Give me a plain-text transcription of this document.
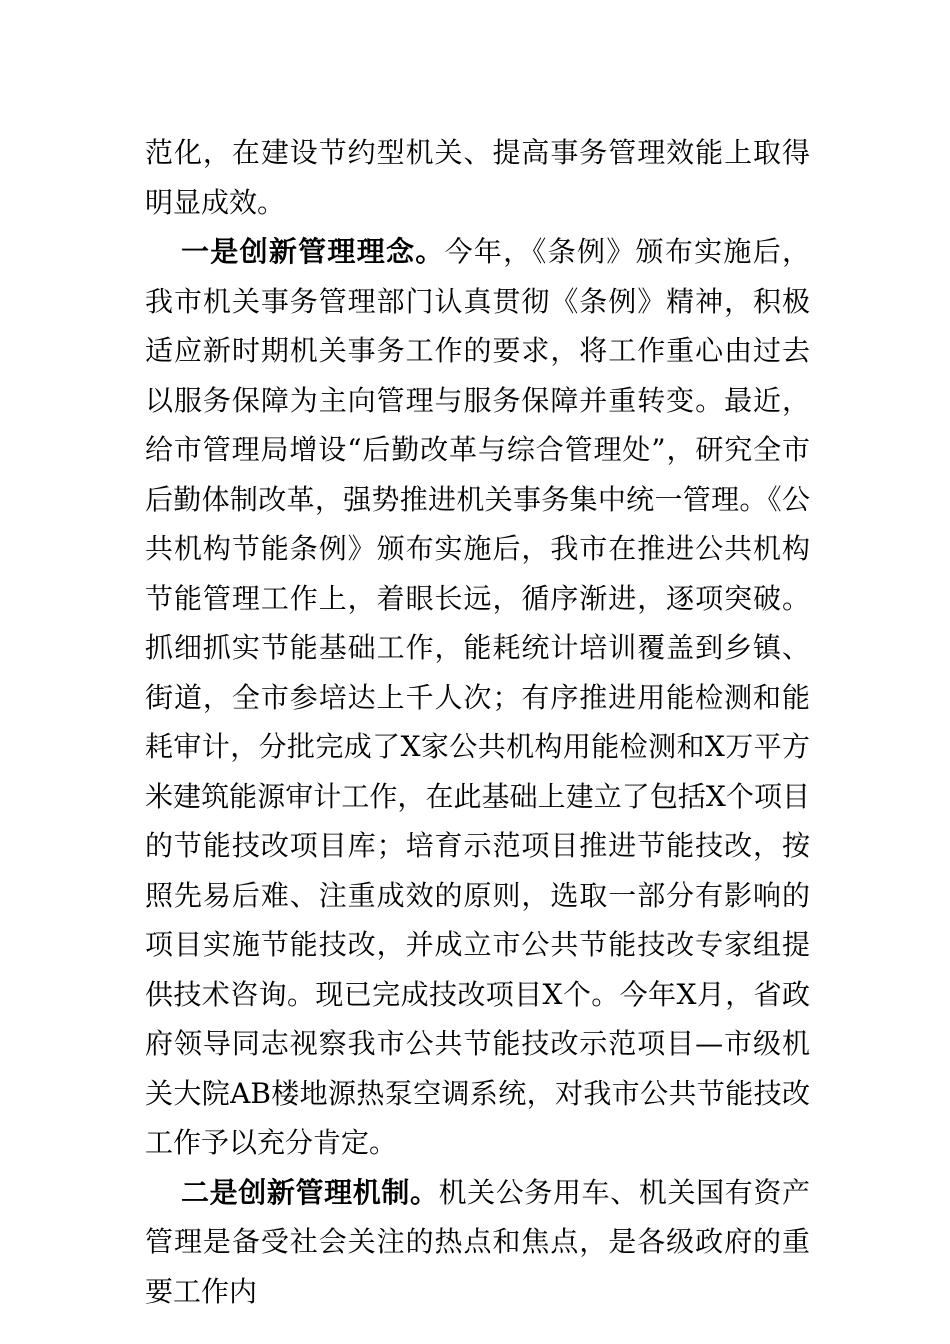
范化，在建设节约型机关、提高事务管理效能上取得明显成效。

一是创新管理理念。今年，《条例》颁布实施后，我市机关事务管理部门认真贯彻《条例》精神，积极适应新时期机关事务工作的要求，将工作重心由过去以服务保障为主向管理与服务保障并重转变。最近，给市管理局增设“后勤改革与综合管理处”，研究全市后勤体制改革，强势推进机关事务集中统一管理。《公共机构节能条例》颁布实施后，我市在推进公共机构节能管理工作上，着眼长远，循序渐进，逐项突破。抓细抓实节能基础工作，能耗统计培训覆盖到乡镇、街道，全市参培达上千人次；有序推进用能检测和能耗审计，分批完成了X家公共机构用能检测和X万平方米建筑能源审计工作，在此基础上建立了包括X个项目的节能技改项目库；培育示范项目推进节能技改，按照先易后难、注重成效的原则，选取一部分有影响的项目实施节能技改，并成立市公共节能技改专家组提供技术咨询。现已完成技改项目X个。今年X月，省政府领导同志视察我市公共节能技改示范项目—市级机关大院AB楼地源热泵空调系统，对我市公共节能技改工作予以充分肯定。

二是创新管理机制。机关公务用车、机关国有资产管理是备受社会关注的热点和焦点，是各级政府的重要工作内
